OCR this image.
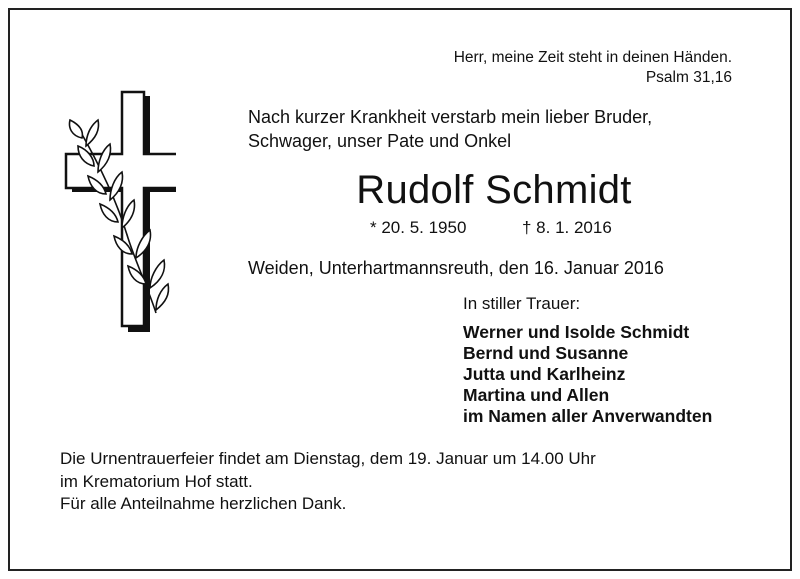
Herr, meine Zeit steht in deinen Händen.
Psalm 31,16
Nach kurzer Krankheit verstarb mein lieber Bruder,
Schwager, unser Pate und Onkel
Rudolf Schmidt
* 20. 5. 1950	† 8. 1. 2016
Weiden, Unterhartmannsreuth, den 16. Januar 2016
In stiller Trauer:
Werner und Isolde Schmidt
Bernd und Susanne
Jutta und Karlheinz
Martina und Allen
im Namen aller Anverwandten
Die Urnentrauerfeier findet am Dienstag, dem 19. Januar um 14.00 Uhr
im Krematorium Hof statt.
Für alle Anteilnahme herzlichen Dank.
